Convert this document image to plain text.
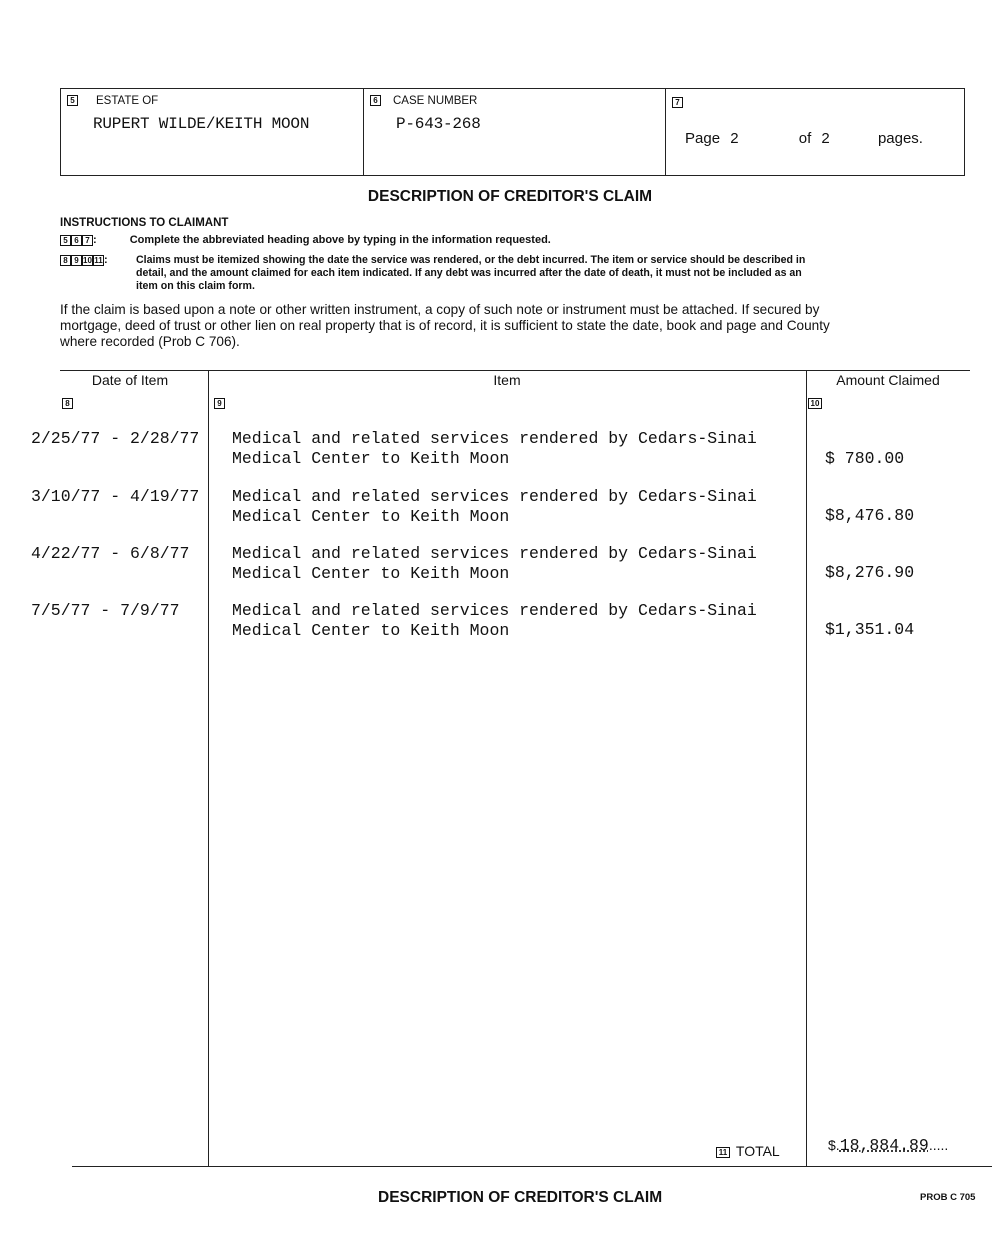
5 ESTATE OF
RUPERT WILDE/KEITH MOON
6 CASE NUMBER
P-643-268
7
Page 2	of 2	pages.
DESCRIPTION OF CREDITOR'S CLAIM
INSTRUCTIONS TO CLAIMANT
5 6 7 :	Complete the abbreviated heading above by typing in the information requested.
8 9 10 11:	Claims must be itemized showing the date the service was rendered, or the debt incurred. The item or service should be described in
detail, and the amount claimed for each item indicated. If any debt was incurred after the date of death, it must not be included as an
item on this claim form.
If the claim is based upon a note or other written instrument, a copy of such note or instrument must be attached. If secured by
mortgage, deed of trust or other lien on real property that is of record, it is sufficient to state the date, book and page and County
where recorded (Prob C 706).
Date of Item	Item	Amount Claimed
8	9	10
2/25/77 - 2/28/77 Medical and related services rendered by Cedars-Sinai
Medical Center to Keith Moon	$ 780.00
3/10/77 - 4/19/77 Medical and related services rendered by Cedars-Sinai
Medical Center to Keith Moon	$8,476.80
4/22/77 - 6/8/77	Medical and related services rendered by Cedars-Sinai
Medical Center to Keith Moon	$8,276.90
7/5/77 - 7/9/77	Medical and related services rendered by Cedars-Sinai
Medical Center to Keith Moon	$1,351.04
11 TOTAL	$.18,884.89.....
DESCRIPTION OF CREDITOR'S CLAIM	PROB C 705
